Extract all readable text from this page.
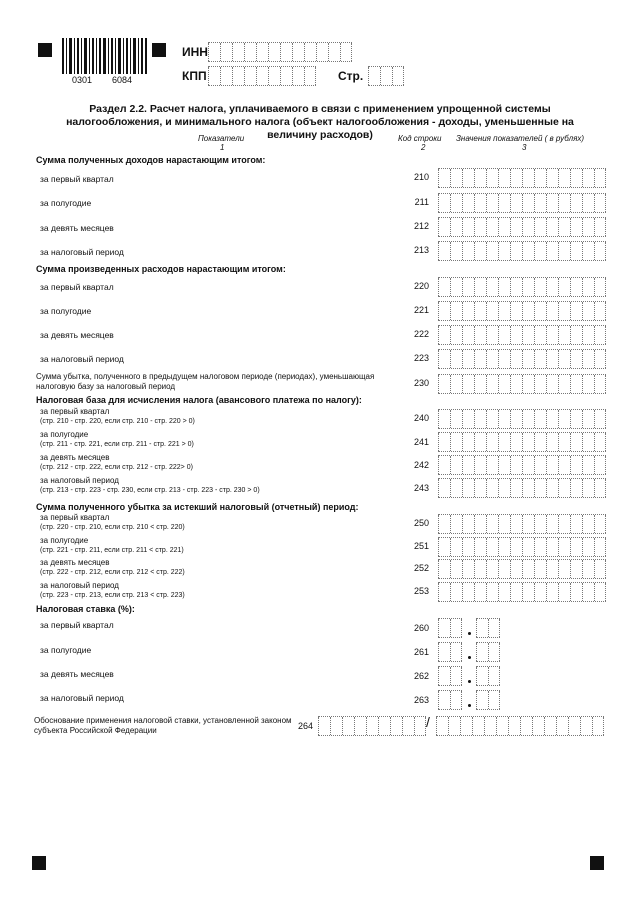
0301 6084
ИНН
КПП	Стр.
Раздел 2.2. Расчет налога, уплачиваемого в связи с применением упрощенной системы налогообложения, и минимального налога (объект налогообложения - доходы, уменьшенные на величину расходов)
Показатели
1
Код строки
2
Значения показателей ( в рублях)
3
Сумма полученных доходов нарастающим итогом:
за первый квартал	210
за полугодие	211
за девять месяцев	212
за налоговый период	213
Сумма произведенных расходов нарастающим итогом:
за первый квартал	220
за полугодие	221
за девять месяцев	222
за налоговый период	223
Сумма убытка, полученного в предыдущем налоговом периоде (периодах), уменьшающая налоговую базу за налоговый период	230
Налоговая база для исчисления налога (авансового платежа по налогу):
за первый квартал
(стр. 210 - стр. 220, если стр. 210 - стр. 220 > 0)	240
за полугодие
(стр. 211 - стр. 221, если стр. 211 - стр. 221 > 0)	241
за девять месяцев
(стр. 212 - стр. 222, если стр. 212 - стр. 222> 0)	242
за налоговый период
(стр. 213 - стр. 223 - стр. 230, если стр. 213 - стр. 223 - стр. 230 > 0)	243
Сумма полученного убытка за истекший налоговый (отчетный) период:
за первый квартал
(стр. 220 - стр. 210, если стр. 210 < стр. 220)	250
за полугодие
(стр. 221 - стр. 211, если стр. 211 < стр. 221)	251
за девять месяцев
(стр. 222 - стр. 212, если стр. 212 < стр. 222)	252
за налоговый период
(стр. 223 - стр. 213, если стр. 213 < стр. 223)	253
Налоговая ставка (%):
за первый квартал	260
за полугодие	261
за девять месяцев	262
за налоговый период	263
Обоснование применения налоговой ставки, установленной законом субъекта Российской Федерации	264	/
